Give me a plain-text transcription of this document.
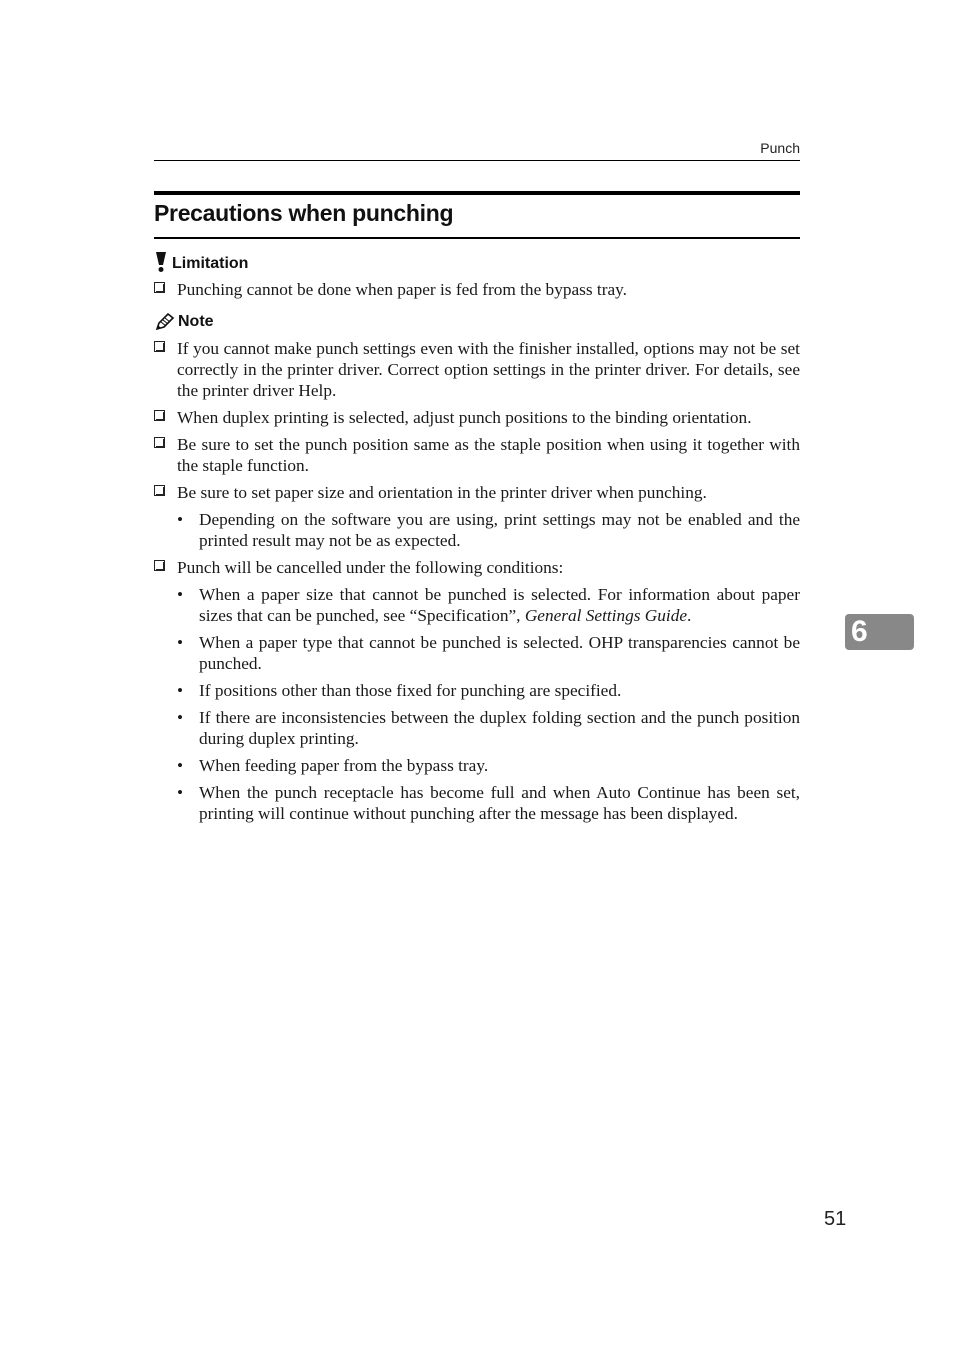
Punch
Precautions when punching
Limitation
Punching cannot be done when paper is fed from the bypass tray.
Note
If you cannot make punch settings even with the finisher installed, options may not be set correctly in the printer driver. Correct option settings in the printer driver. For details, see the printer driver Help.
When duplex printing is selected, adjust punch positions to the binding orientation.
Be sure to set the punch position same as the staple position when using it together with the staple function.
Be sure to set paper size and orientation in the printer driver when punching.
• Depending on the software you are using, print settings may not be enabled and the printed result may not be as expected.
Punch will be cancelled under the following conditions:
• When a paper size that cannot be punched is selected. For information about paper sizes that can be punched, see “Specification”, General Settings Guide.
• When a paper type that cannot be punched is selected. OHP transparencies cannot be punched.
• If positions other than those fixed for punching are specified.
• If there are inconsistencies between the duplex folding section and the punch position during duplex printing.
• When feeding paper from the bypass tray.
• When the punch receptacle has become full and when Auto Continue has been set, printing will continue without punching after the message has been displayed.
6
51
